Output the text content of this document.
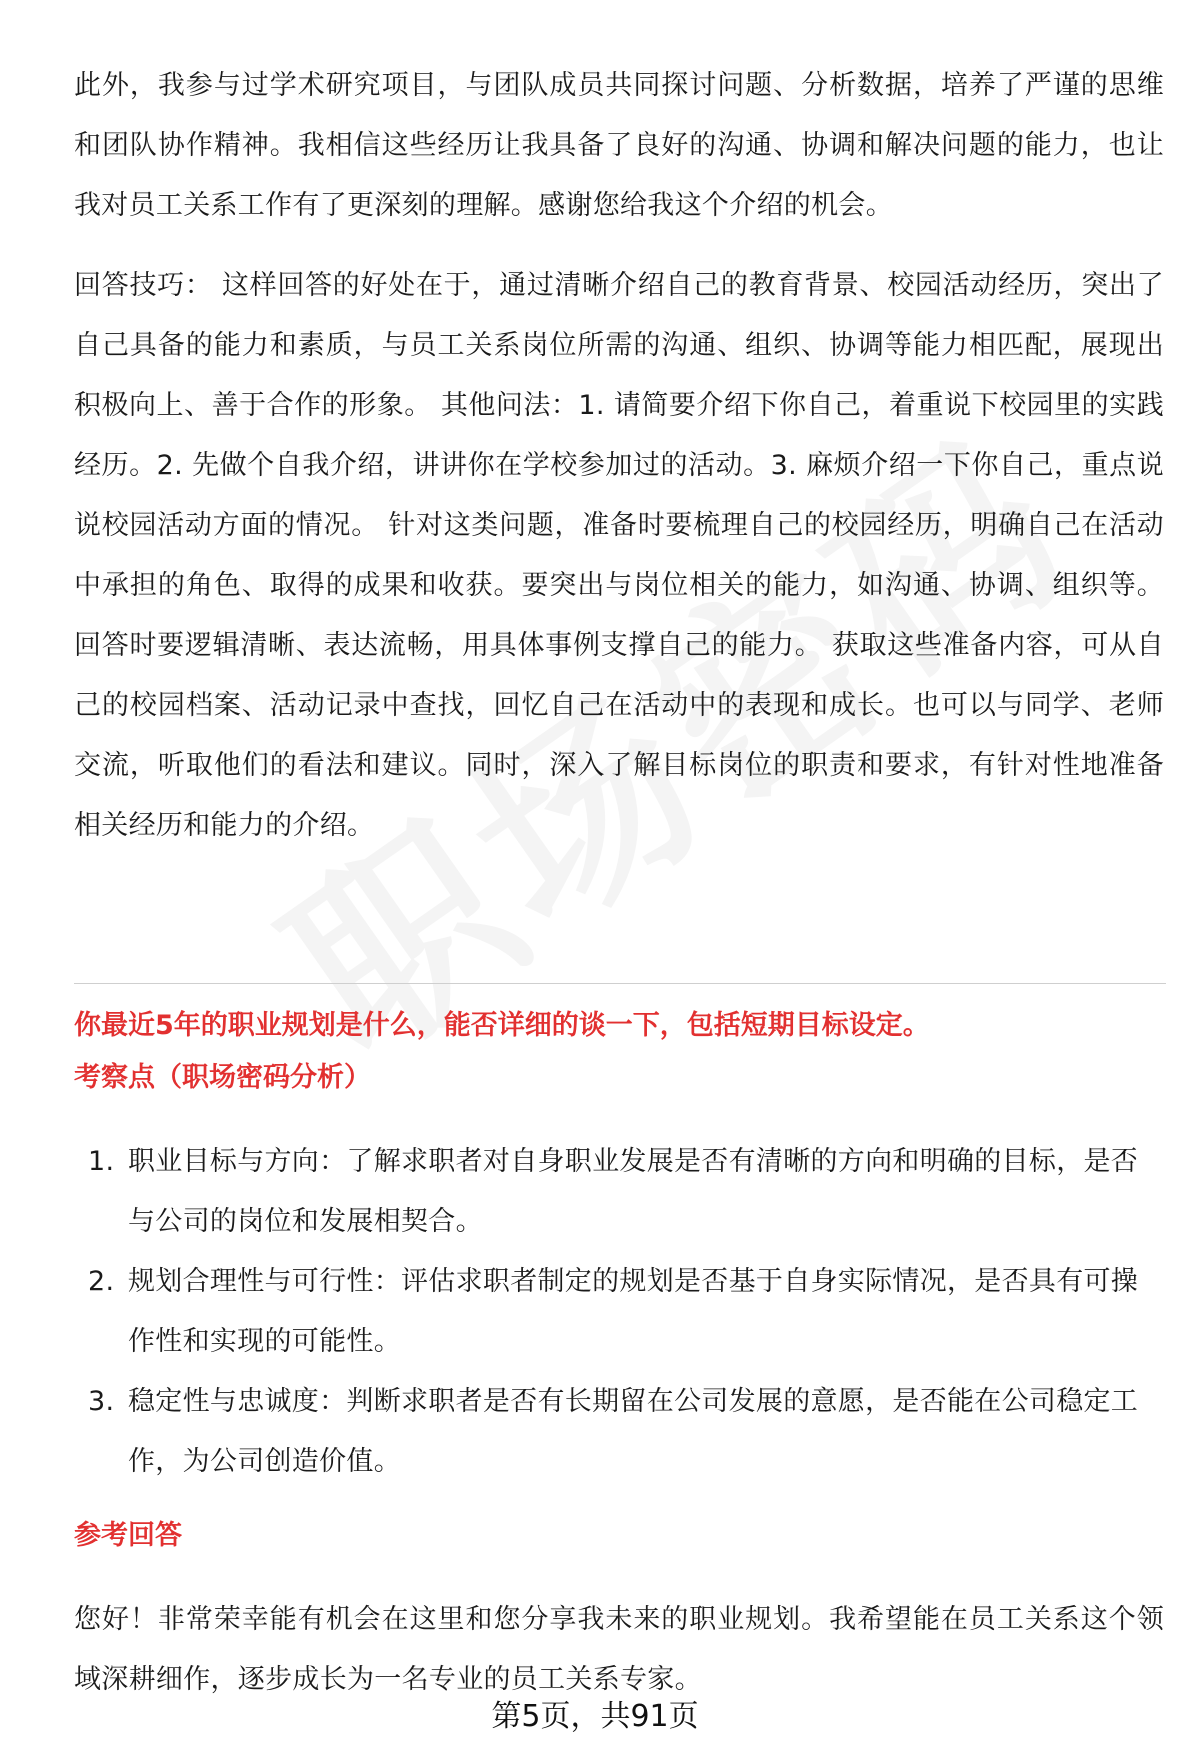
此外，我参与过学术研究项目，与团队成员共同探讨问题、分析数据，培养了严谨的思维和团队协作精神。我相信这些经历让我具备了良好的沟通、协调和解决问题的能力，也让我对员工关系工作有了更深刻的理解。感谢您给我这个介绍的机会。

回答技巧： 这样回答的好处在于，通过清晰介绍自己的教育背景、校园活动经历，突出了自己具备的能力和素质，与员工关系岗位所需的沟通、组织、协调等能力相匹配，展现出积极向上、善于合作的形象。 其他问法：1. 请简要介绍下你自己，着重说下校园里的实践经历。2. 先做个自我介绍，讲讲你在学校参加过的活动。3. 麻烦介绍一下你自己，重点说说校园活动方面的情况。 针对这类问题，准备时要梳理自己的校园经历，明确自己在活动中承担的角色、取得的成果和收获。要突出与岗位相关的能力，如沟通、协调、组织等。回答时要逻辑清晰、表达流畅，用具体事例支撑自己的能力。 获取这些准备内容，可从自己的校园档案、活动记录中查找，回忆自己在活动中的表现和成长。也可以与同学、老师交流，听取他们的看法和建议。同时，深入了解目标岗位的职责和要求，有针对性地准备相关经历和能力的介绍。

你最近5年的职业规划是什么，能否详细的谈一下，包括短期目标设定。

考察点（职场密码分析）

1. 职业目标与方向：了解求职者对自身职业发展是否有清晰的方向和明确的目标，是否与公司的岗位和发展相契合。
2. 规划合理性与可行性：评估求职者制定的规划是否基于自身实际情况，是否具有可操作性和实现的可能性。
3. 稳定性与忠诚度：判断求职者是否有长期留在公司发展的意愿，是否能在公司稳定工作，为公司创造价值。

参考回答

您好！非常荣幸能有机会在这里和您分享我未来的职业规划。我希望能在员工关系这个领域深耕细作，逐步成长为一名专业的员工关系专家。

第5页，共91页
